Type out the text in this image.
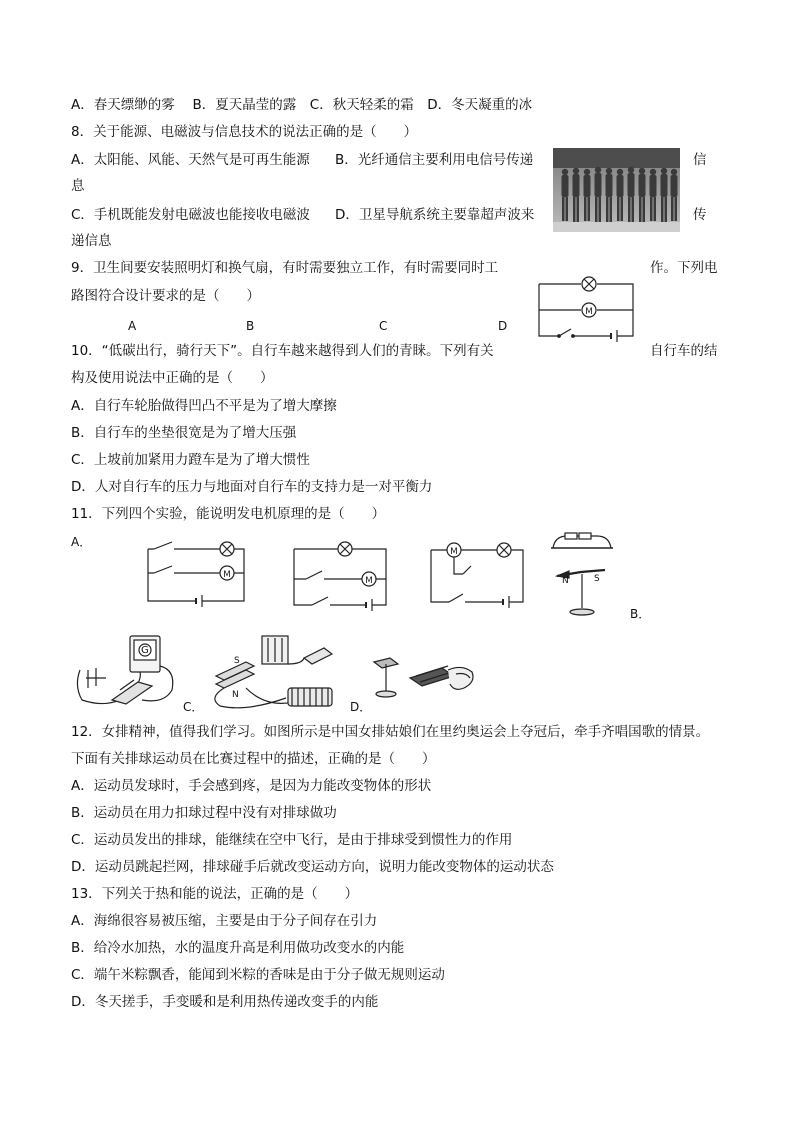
A．春天缥缈的雾　 B．夏天晶莹的露　C．秋天轻柔的霜　D．冬天凝重的冰
8．关于能源、电磁波与信息技术的说法正确的是（　　）
A．太阳能、风能、天然气是可再生能源 B．光纤通信主要利用电信号传递	信
息
C．手机既能发射电磁波也能接收电磁波 D．卫星导航系统主要靠超声波来	传
递信息
9．卫生间要安装照明灯和换气扇，有时需要独立工作，有时需要同时工	作。下列电
路图符合设计要求的是（　　）
A	B	C	D
M
10．“低碳出行，骑行天下”。自行车越来越得到人们的青睐。下列有关	自行车的结
构及使用说法中正确的是（　　）
A．自行车轮胎做得凹凸不平是为了增大摩擦
B．自行车的坐垫很宽是为了增大压强
C．上坡前加紧用力蹬车是为了增大惯性
D．人对自行车的压力与地面对自行车的支持力是一对平衡力
11．下列四个实验，能说明发电机原理的是（　　）
A．
B．
C．	D．
M
M
M
N	S
G
S
N
12．女排精神，值得我们学习。如图所示是中国女排姑娘们在里约奥运会上夺冠后，牵手齐唱国歌的情景。
下面有关排球运动员在比赛过程中的描述，正确的是（　　）
A．运动员发球时，手会感到疼，是因为力能改变物体的形状
B．运动员在用力扣球过程中没有对排球做功
C．运动员发出的排球，能继续在空中飞行，是由于排球受到惯性力的作用
D．运动员跳起拦网，排球碰手后就改变运动方向，说明力能改变物体的运动状态
13．下列关于热和能的说法，正确的是（　　）
A．海绵很容易被压缩，主要是由于分子间存在引力
B．给冷水加热，水的温度升高是利用做功改变水的内能
C．端午米粽飘香，能闻到米粽的香味是由于分子做无规则运动
D．冬天搓手，手变暖和是利用热传递改变手的内能
